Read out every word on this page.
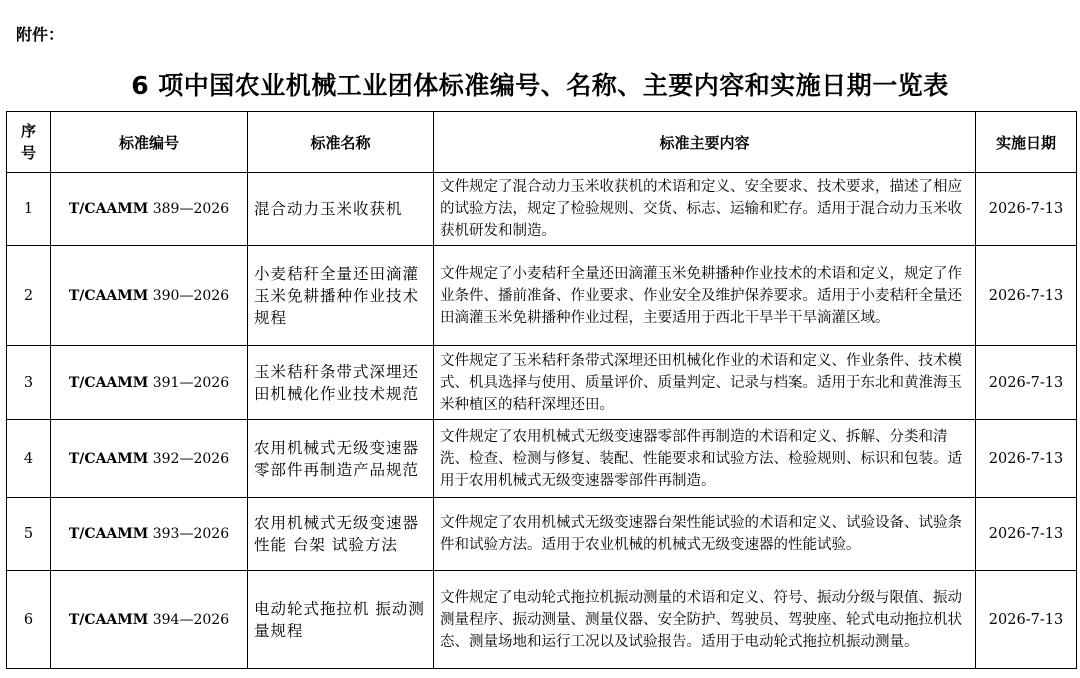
附件：
6 项中国农业机械工业团体标准编号、名称、主要内容和实施日期一览表
序
号	标准编号	标准名称	标准主要内容	实施日期
1	T/CAAMM 389—2026	混合动力玉米收获机	文件规定了混合动力玉米收获机的术语和定义、安全要求、技术要求，描述了相应的试验方法，规定了检验规则、交货、标志、运输和贮存。适用于混合动力玉米收获机研发和制造。	2026-7-13
2	T/CAAMM 390—2026	小麦秸秆全量还田滴灌玉米免耕播种作业技术规程	文件规定了小麦秸秆全量还田滴灌玉米免耕播种作业技术的术语和定义，规定了作业条件、播前准备、作业要求、作业安全及维护保养要求。适用于小麦秸秆全量还田滴灌玉米免耕播种作业过程，主要适用于西北干旱半干旱滴灌区域。	2026-7-13
3	T/CAAMM 391—2026	玉米秸秆条带式深埋还田机械化作业技术规范	文件规定了玉米秸秆条带式深埋还田机械化作业的术语和定义、作业条件、技术模式、机具选择与使用、质量评价、质量判定、记录与档案。适用于东北和黄淮海玉米种植区的秸秆深埋还田。	2026-7-13
4	T/CAAMM 392—2026	农用机械式无级变速器 零部件再制造产品规范	文件规定了农用机械式无级变速器零部件再制造的术语和定义、拆解、分类和清洗、检查、检测与修复、装配、性能要求和试验方法、检验规则、标识和包装。适用于农用机械式无级变速器零部件再制造。	2026-7-13
5	T/CAAMM 393—2026	农用机械式无级变速器 性能 台架 试验方法	文件规定了农用机械式无级变速器台架性能试验的术语和定义、试验设备、试验条件和试验方法。适用于农业机械的机械式无级变速器的性能试验。	2026-7-13
6	T/CAAMM 394—2026	电动轮式拖拉机 振动测量规程	文件规定了电动轮式拖拉机振动测量的术语和定义、符号、振动分级与限值、振动测量程序、振动测量、测量仪器、安全防护、驾驶员、驾驶座、轮式电动拖拉机状态、测量场地和运行工况以及试验报告。适用于电动轮式拖拉机振动测量。	2026-7-13
